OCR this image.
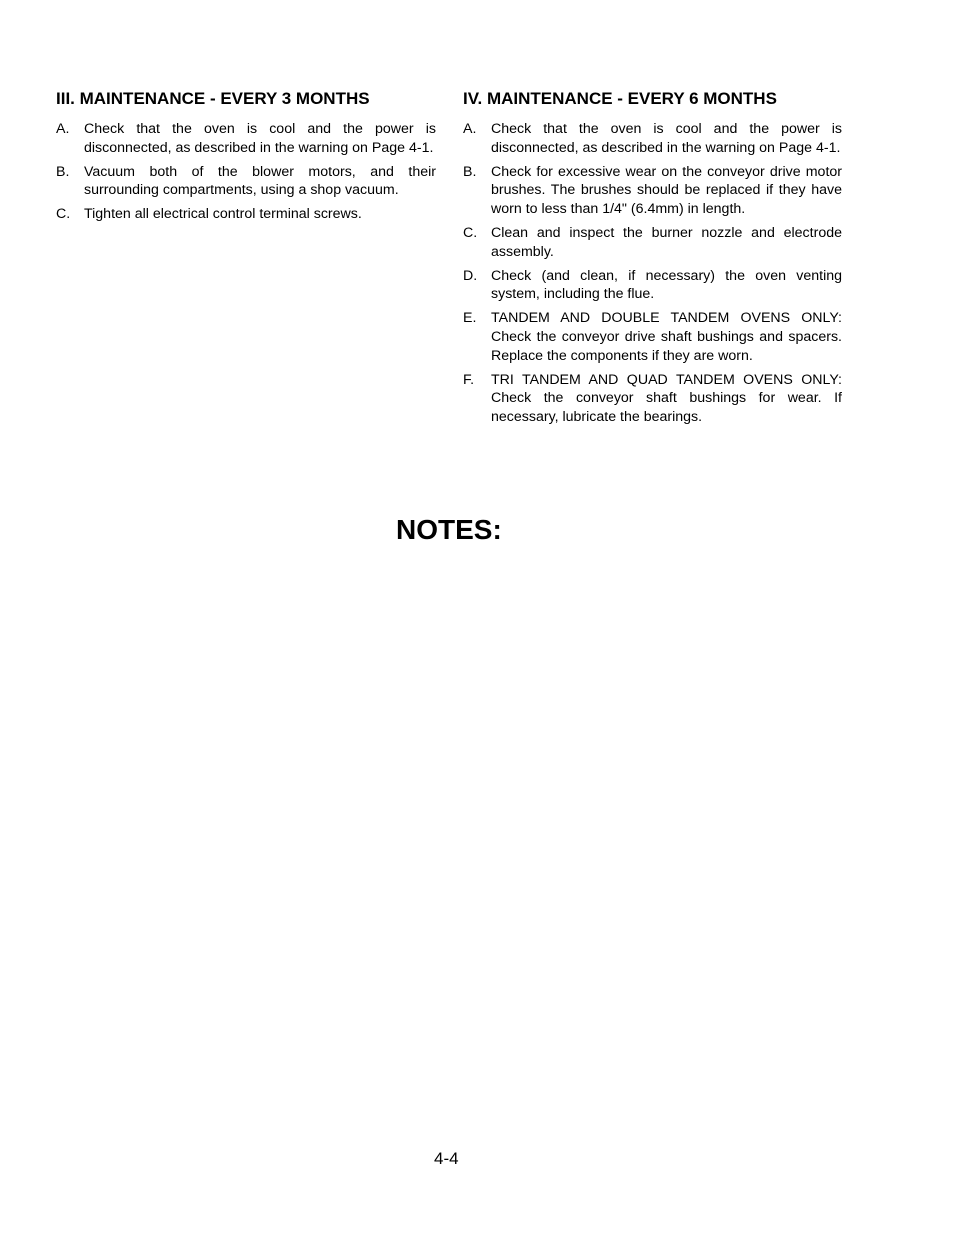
III. MAINTENANCE - EVERY 3 MONTHS
A.	Check that the oven is cool and the power is disconnected, as described in the warning on Page 4-1.
B.	Vacuum both of the blower motors, and their surrounding compartments, using a shop vacuum.
C. Tighten all electrical control terminal screws.
IV. MAINTENANCE - EVERY 6 MONTHS
A.	Check that the oven is cool and the power is disconnected, as described in the warning on Page 4-1.
B.	Check for excessive wear on the conveyor drive motor brushes. The brushes should be replaced if they have worn to less than 1/4" (6.4mm) in length.
C. Clean and inspect the burner nozzle and electrode assembly.
D. Check (and clean, if necessary) the oven venting system, including the flue.
E.	TANDEM AND DOUBLE TANDEM OVENS ONLY: Check the conveyor drive shaft bushings and spacers. Replace the components if they are worn.
F.	TRI TANDEM AND QUAD TANDEM OVENS ONLY: Check the conveyor shaft bushings for wear. If necessary, lubricate the bearings.
NOTES:
4-4
